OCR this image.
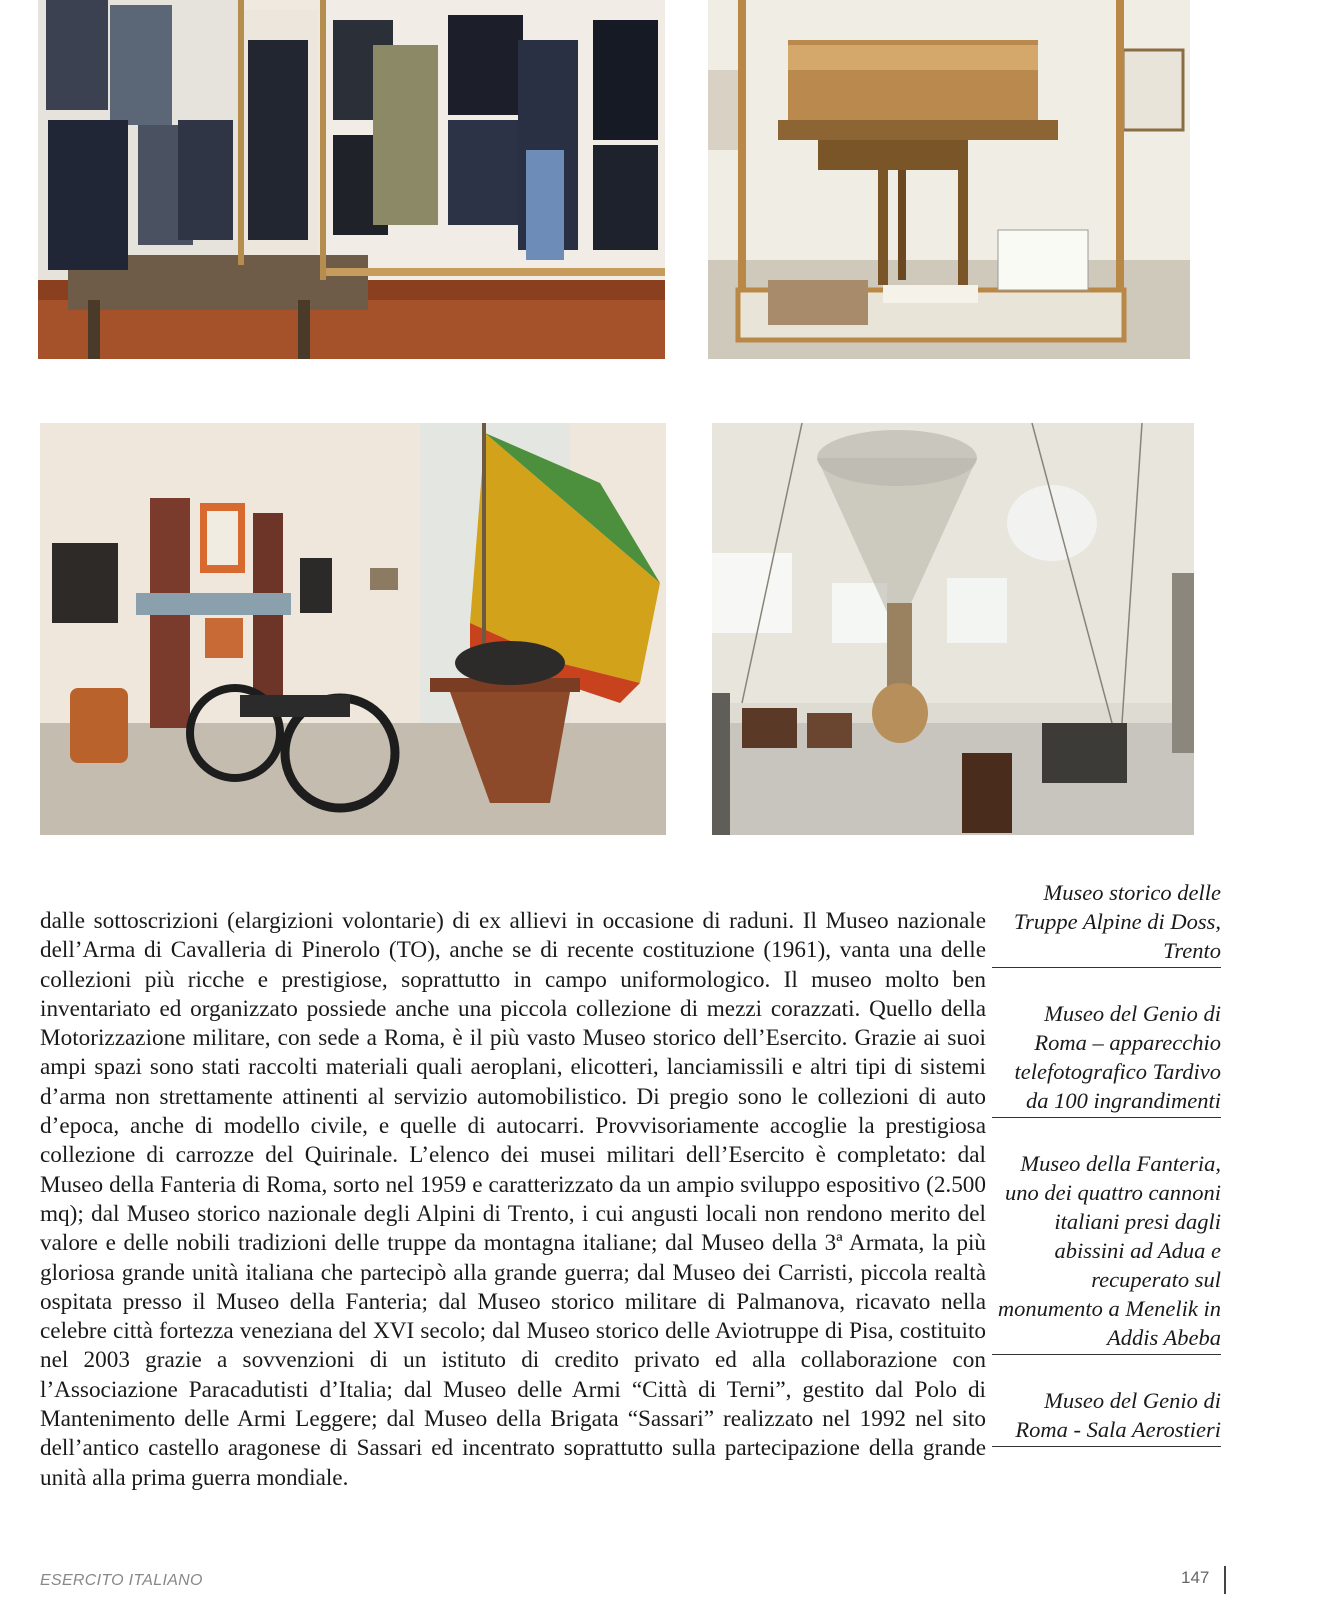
dalle sottoscrizioni (elargizioni volontarie) di ex allievi in occasione di raduni. Il Museo nazionale dell’Arma di Cavalleria di Pinerolo (TO), anche se di recente costituzione (1961), vanta una delle collezioni più ricche e prestigiose, soprattutto in campo uniformologico. Il museo molto ben inventariato ed organizzato possiede anche una piccola collezione di mezzi corazzati. Quello della Motorizzazione militare, con sede a Roma, è il più vasto Museo storico dell’Esercito. Grazie ai suoi ampi spazi sono stati raccolti materiali quali aeroplani, elicotteri, lanciamissili e altri tipi di sistemi d’arma non strettamente attinenti al servizio automobilistico. Di pregio sono le collezioni di auto d’epoca, anche di modello civile, e quelle di autocarri. Provvisoriamente accoglie la prestigiosa collezione di carrozze del Quirinale. L’elenco dei musei militari dell’Esercito è completato: dal Museo della Fanteria di Roma, sorto nel 1959 e caratterizzato da un ampio sviluppo espositivo (2.500 mq); dal Museo storico nazionale degli Alpini di Trento, i cui angusti locali non rendono merito del valore e delle nobili tradizioni delle truppe da montagna italiane; dal Museo della 3ª Armata, la più gloriosa grande unità italiana che partecipò alla grande guerra; dal Museo dei Carristi, piccola realtà ospitata presso il Museo della Fanteria; dal Museo storico militare di Palmanova, ricavato nella celebre città fortezza veneziana del XVI secolo; dal Museo storico delle Aviotruppe di Pisa, costituito nel 2003 grazie a sovvenzioni di un istituto di credito privato ed alla collaborazione con l’Associazione Paracadutisti d’Italia; dal Museo delle Armi “Città di Terni”, gestito dal Polo di Mantenimento delle Armi Leggere; dal Museo della Brigata “Sassari” realizzato nel 1992 nel sito dell’antico castello aragonese di Sassari ed incentrato soprattutto sulla partecipazione della grande unità alla prima guerra mondiale.

Museo storico delle Truppe Alpine di Doss, Trento

Museo del Genio di Roma – apparecchio telefotografico Tardivo da 100 ingrandimenti

Museo della Fanteria, uno dei quattro cannoni italiani presi dagli abissini ad Adua e recuperato sul monumento a Menelik in Addis Abeba

Museo del Genio di Roma - Sala Aerostieri

ESERCITO ITALIANO	147
